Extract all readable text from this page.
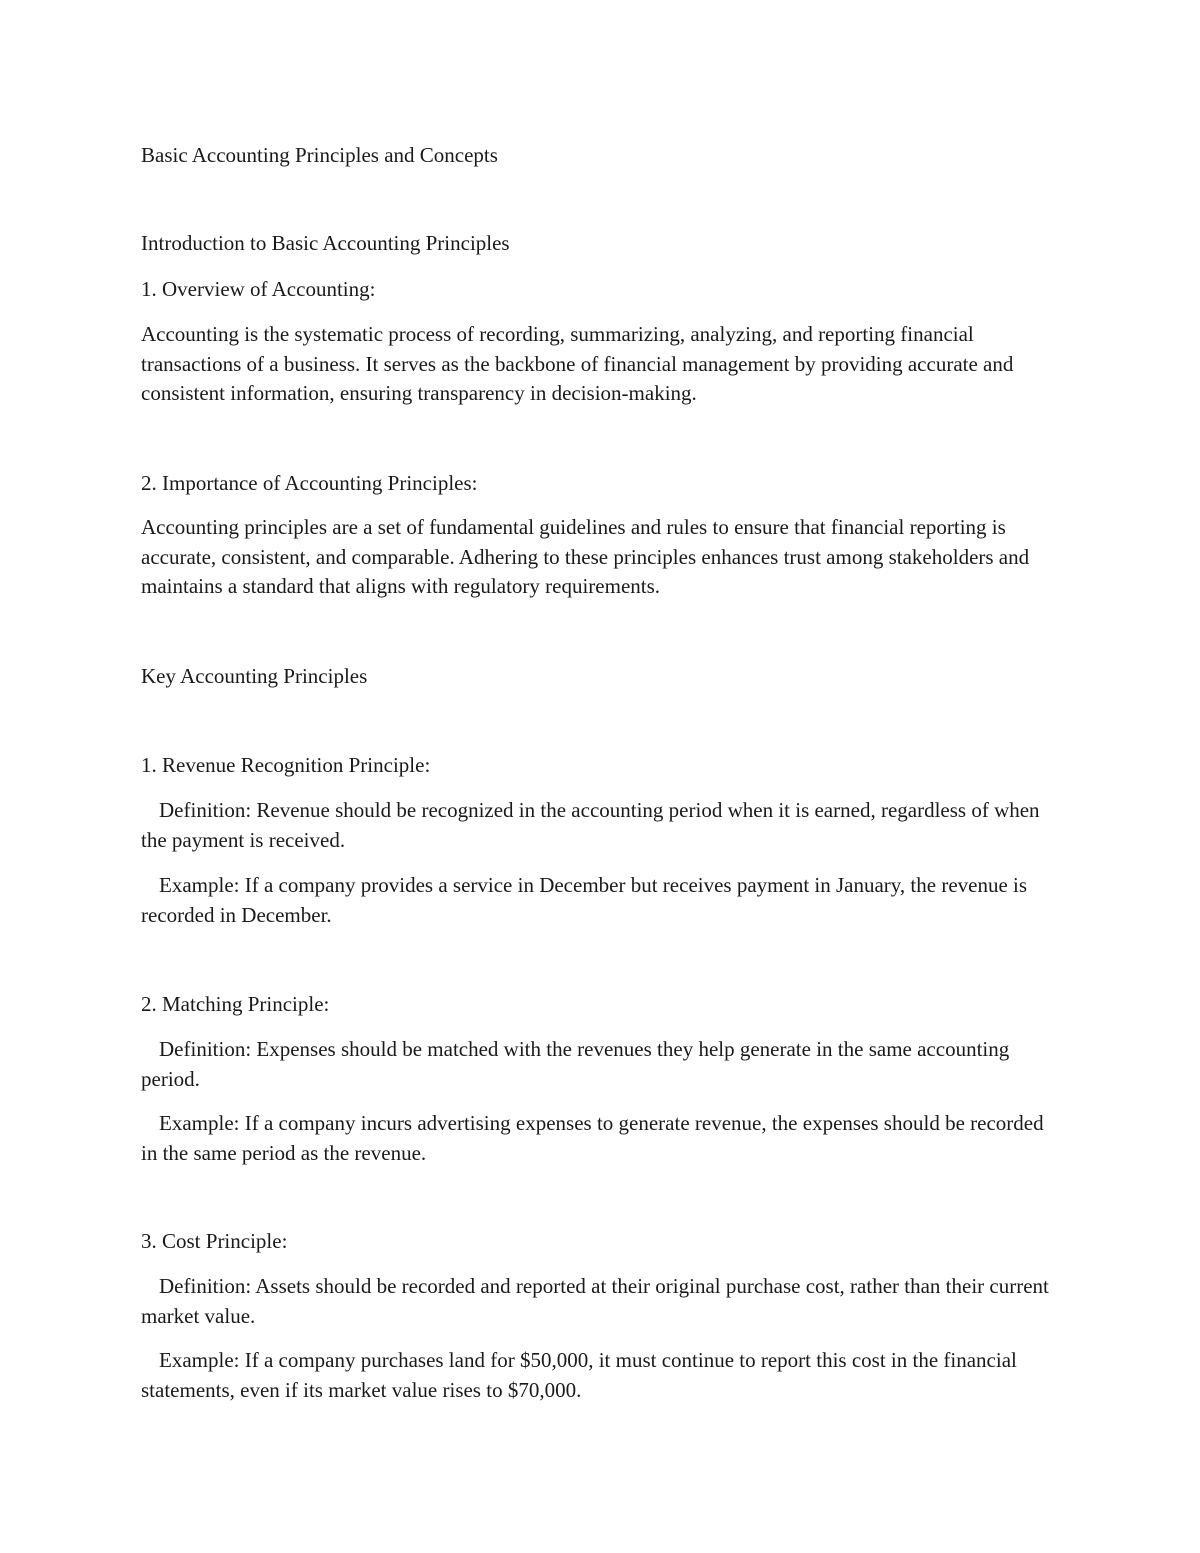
Basic Accounting Principles and Concepts

Introduction to Basic Accounting Principles

1. Overview of Accounting:

Accounting is the systematic process of recording, summarizing, analyzing, and reporting financial transactions of a business. It serves as the backbone of financial management by providing accurate and consistent information, ensuring transparency in decision-making.

2. Importance of Accounting Principles:

Accounting principles are a set of fundamental guidelines and rules to ensure that financial reporting is accurate, consistent, and comparable. Adhering to these principles enhances trust among stakeholders and maintains a standard that aligns with regulatory requirements.

Key Accounting Principles

1. Revenue Recognition Principle:

Definition: Revenue should be recognized in the accounting period when it is earned, regardless of when the payment is received.

Example: If a company provides a service in December but receives payment in January, the revenue is recorded in December.

2. Matching Principle:

Definition: Expenses should be matched with the revenues they help generate in the same accounting period.

Example: If a company incurs advertising expenses to generate revenue, the expenses should be recorded in the same period as the revenue.

3. Cost Principle:

Definition: Assets should be recorded and reported at their original purchase cost, rather than their current market value.

Example: If a company purchases land for $50,000, it must continue to report this cost in the financial statements, even if its market value rises to $70,000.
